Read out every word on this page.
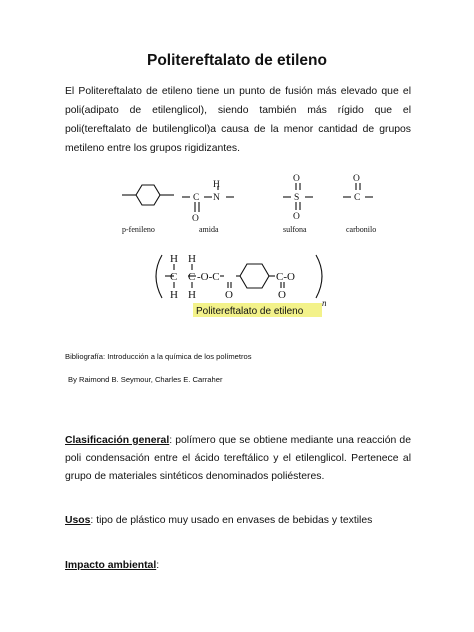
Politereftalato de etileno
El Politereftalato de etileno tiene un punto de fusión más elevado que el poli(adipato de etilenglicol), siendo también más rígido que el poli(tereftalato de butilenglicol)a causa de la menor cantidad de grupos metileno entre los grupos rigidizantes.
C N
H
O
S
O
O
C
O
p-fenileno	amida	sulfona	carbonilo
H H
C C -O-C
H H	O
C-O
O
n
Politereftalato de etileno
Bibliografía: Introducción a la química de los polímetros
By Raimond B. Seymour, Charles E. Carraher
Clasificación general: polímero que se obtiene mediante una reacción de poli condensación entre el ácido tereftálico y el etilenglicol. Pertenece al grupo de materiales sintéticos denominados poliésteres.
Usos: tipo de plástico muy usado en envases de bebidas y textiles
Impacto ambiental:
